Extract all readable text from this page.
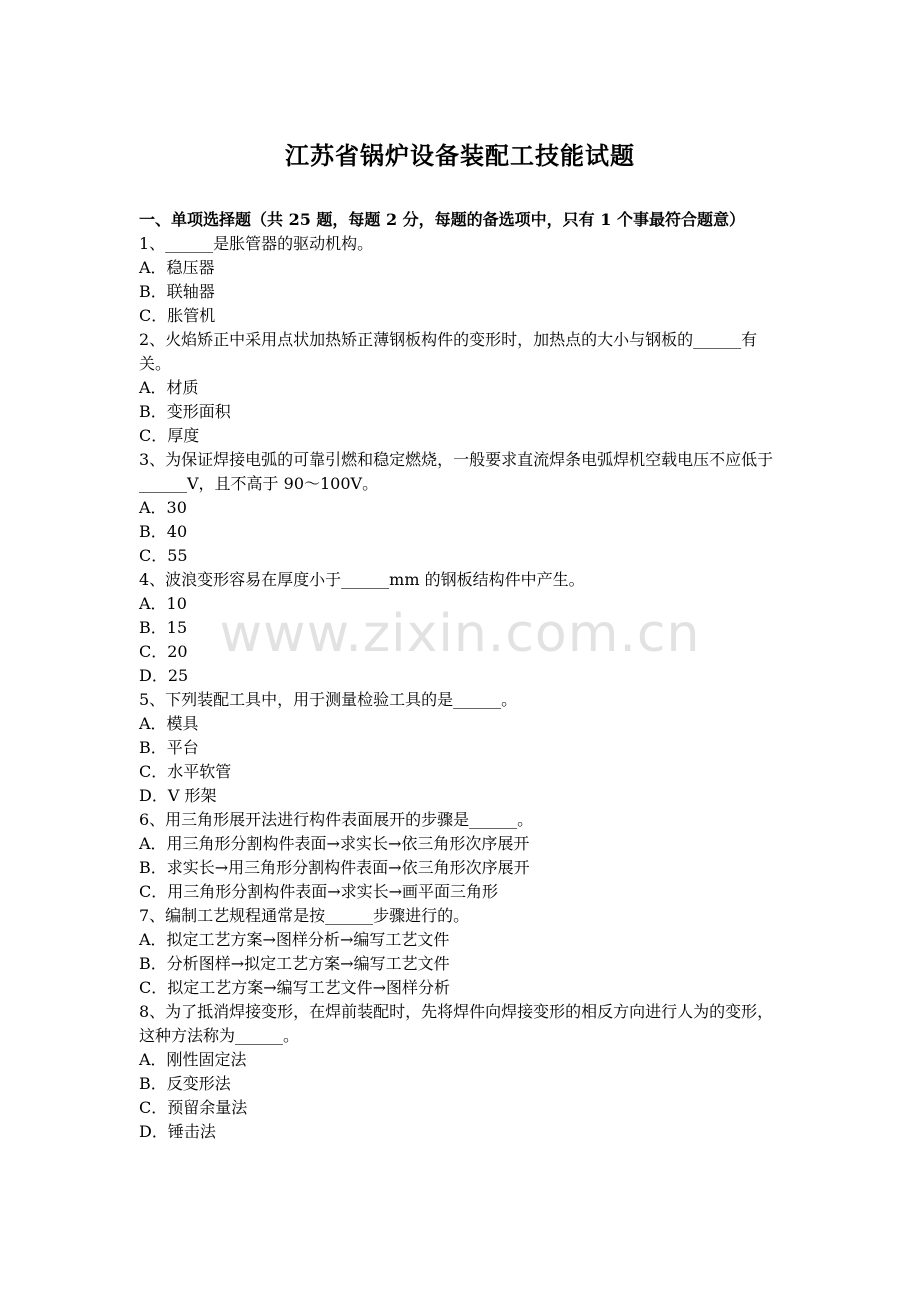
江苏省锅炉设备装配工技能试题

一、单项选择题（共 25 题，每题 2 分，每题的备选项中，只有 1 个事最符合题意）

1、______是胀管器的驱动机构。

A．稳压器

B．联轴器

C．胀管机

2、火焰矫正中采用点状加热矫正薄钢板构件的变形时，加热点的大小与钢板的______有关。

A．材质

B．变形面积

C．厚度

3、为保证焊接电弧的可靠引燃和稳定燃烧，一般要求直流焊条电弧焊机空载电压不应低于______V，且不高于 90～100V。

A．30

B．40

C．55

4、波浪变形容易在厚度小于______mm 的钢板结构件中产生。

A．10

B．15

C．20

D．25

5、下列装配工具中，用于测量检验工具的是______。

A．模具

B．平台

C．水平软管

D．V 形架

6、用三角形展开法进行构件表面展开的步骤是______。

A．用三角形分割构件表面→求实长→依三角形次序展开

B．求实长→用三角形分割构件表面→依三角形次序展开

C．用三角形分割构件表面→求实长→画平面三角形

7、编制工艺规程通常是按______步骤进行的。

A．拟定工艺方案→图样分析→编写工艺文件

B．分析图样→拟定工艺方案→编写工艺文件

C．拟定工艺方案→编写工艺文件→图样分析

8、为了抵消焊接变形，在焊前装配时，先将焊件向焊接变形的相反方向进行人为的变形，这种方法称为______。

A．刚性固定法

B．反变形法

C．预留余量法

D．锤击法

www.zixin.com.cn
